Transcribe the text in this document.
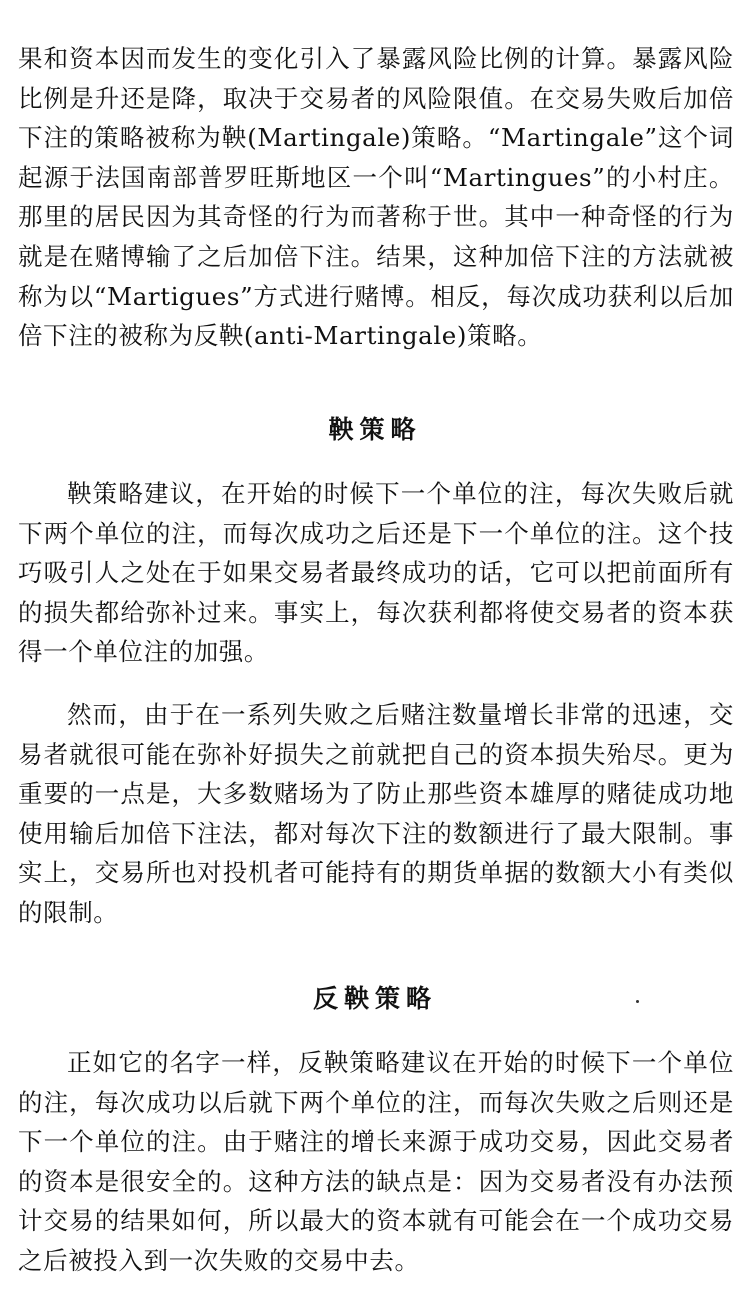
果和资本因而发生的变化引入了暴露风险比例的计算。暴露风险比例是升还是降，取决于交易者的风险限值。在交易失败后加倍下注的策略被称为鞅(Martingale)策略。“Martingale”这个词起源于法国南部普罗旺斯地区一个叫“Martingues”的小村庄。那里的居民因为其奇怪的行为而著称于世。其中一种奇怪的行为就是在赌博输了之后加倍下注。结果，这种加倍下注的方法就被称为以“Martigues”方式进行赌博。相反，每次成功获利以后加倍下注的被称为反鞅(anti-Martingale)策略。

鞅策略

鞅策略建议，在开始的时候下一个单位的注，每次失败后就下两个单位的注，而每次成功之后还是下一个单位的注。这个技巧吸引人之处在于如果交易者最终成功的话，它可以把前面所有的损失都给弥补过来。事实上，每次获利都将使交易者的资本获得一个单位注的加强。

然而，由于在一系列失败之后赌注数量增长非常的迅速，交易者就很可能在弥补好损失之前就把自己的资本损失殆尽。更为重要的一点是，大多数赌场为了防止那些资本雄厚的赌徒成功地使用输后加倍下注法，都对每次下注的数额进行了最大限制。事实上，交易所也对投机者可能持有的期货单据的数额大小有类似的限制。

反鞅策略

正如它的名字一样，反鞅策略建议在开始的时候下一个单位的注，每次成功以后就下两个单位的注，而每次失败之后则还是下一个单位的注。由于赌注的增长来源于成功交易，因此交易者的资本是很安全的。这种方法的缺点是：因为交易者没有办法预计交易的结果如何，所以最大的资本就有可能会在一个成功交易之后被投入到一次失败的交易中去。
